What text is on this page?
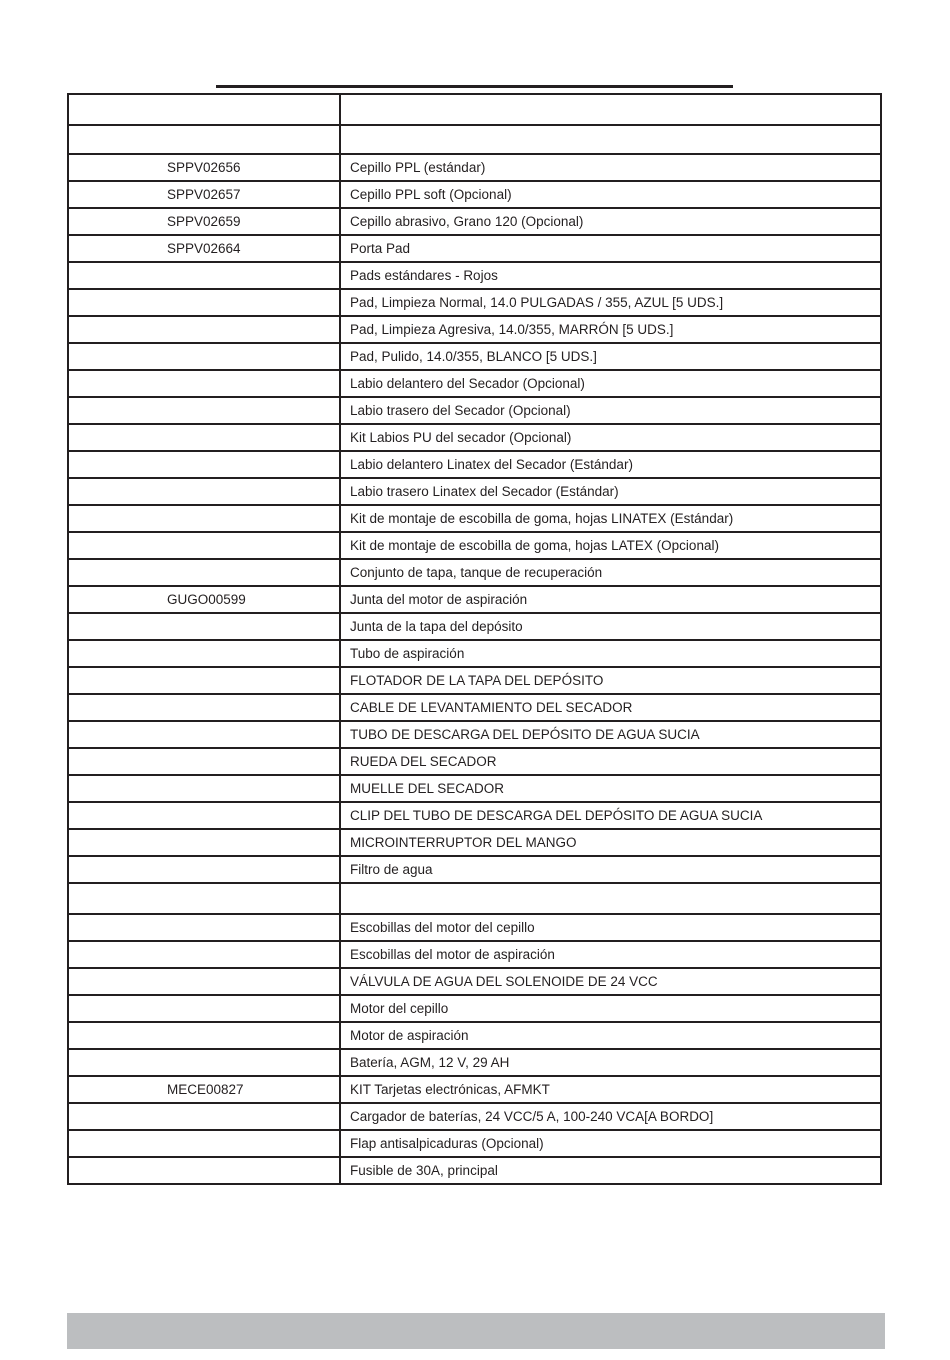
SPPV02656	Cepillo PPL (estándar)
SPPV02657	Cepillo PPL soft (Opcional)
SPPV02659	Cepillo abrasivo, Grano 120 (Opcional)
SPPV02664	Porta Pad
	Pads estándares - Rojos
	Pad, Limpieza Normal, 14.0 PULGADAS / 355, AZUL [5 UDS.]
	Pad, Limpieza Agresiva, 14.0/355, MARRÓN [5 UDS.]
	Pad, Pulido, 14.0/355, BLANCO [5 UDS.]
	Labio delantero del Secador (Opcional)
	Labio trasero del Secador (Opcional)
	Kit Labios PU del secador (Opcional)
	Labio delantero Linatex del Secador (Estándar)
	Labio trasero Linatex del Secador (Estándar)
	Kit de montaje de escobilla de goma, hojas LINATEX (Estándar)
	Kit de montaje de escobilla de goma, hojas LATEX (Opcional)
	Conjunto de tapa, tanque de recuperación
GUGO00599	Junta del motor de aspiración
	Junta de la tapa del depósito
	Tubo de aspiración
	FLOTADOR DE LA TAPA DEL DEPÓSITO
	CABLE DE LEVANTAMIENTO DEL SECADOR
	TUBO DE DESCARGA DEL DEPÓSITO DE AGUA SUCIA
	RUEDA DEL SECADOR
	MUELLE DEL SECADOR
	CLIP DEL TUBO DE DESCARGA DEL DEPÓSITO DE AGUA SUCIA
	MICROINTERRUPTOR DEL MANGO
	Filtro de agua

	Escobillas del motor del cepillo
	Escobillas del motor de aspiración
	VÁLVULA DE AGUA DEL SOLENOIDE DE 24 VCC
	Motor del cepillo
	Motor de aspiración
	Batería, AGM, 12 V, 29 AH
MECE00827	KIT Tarjetas electrónicas, AFMKT
	Cargador de baterías, 24 VCC/5 A, 100-240 VCA[A BORDO]
	Flap antisalpicaduras (Opcional)
	Fusible de 30A, principal
